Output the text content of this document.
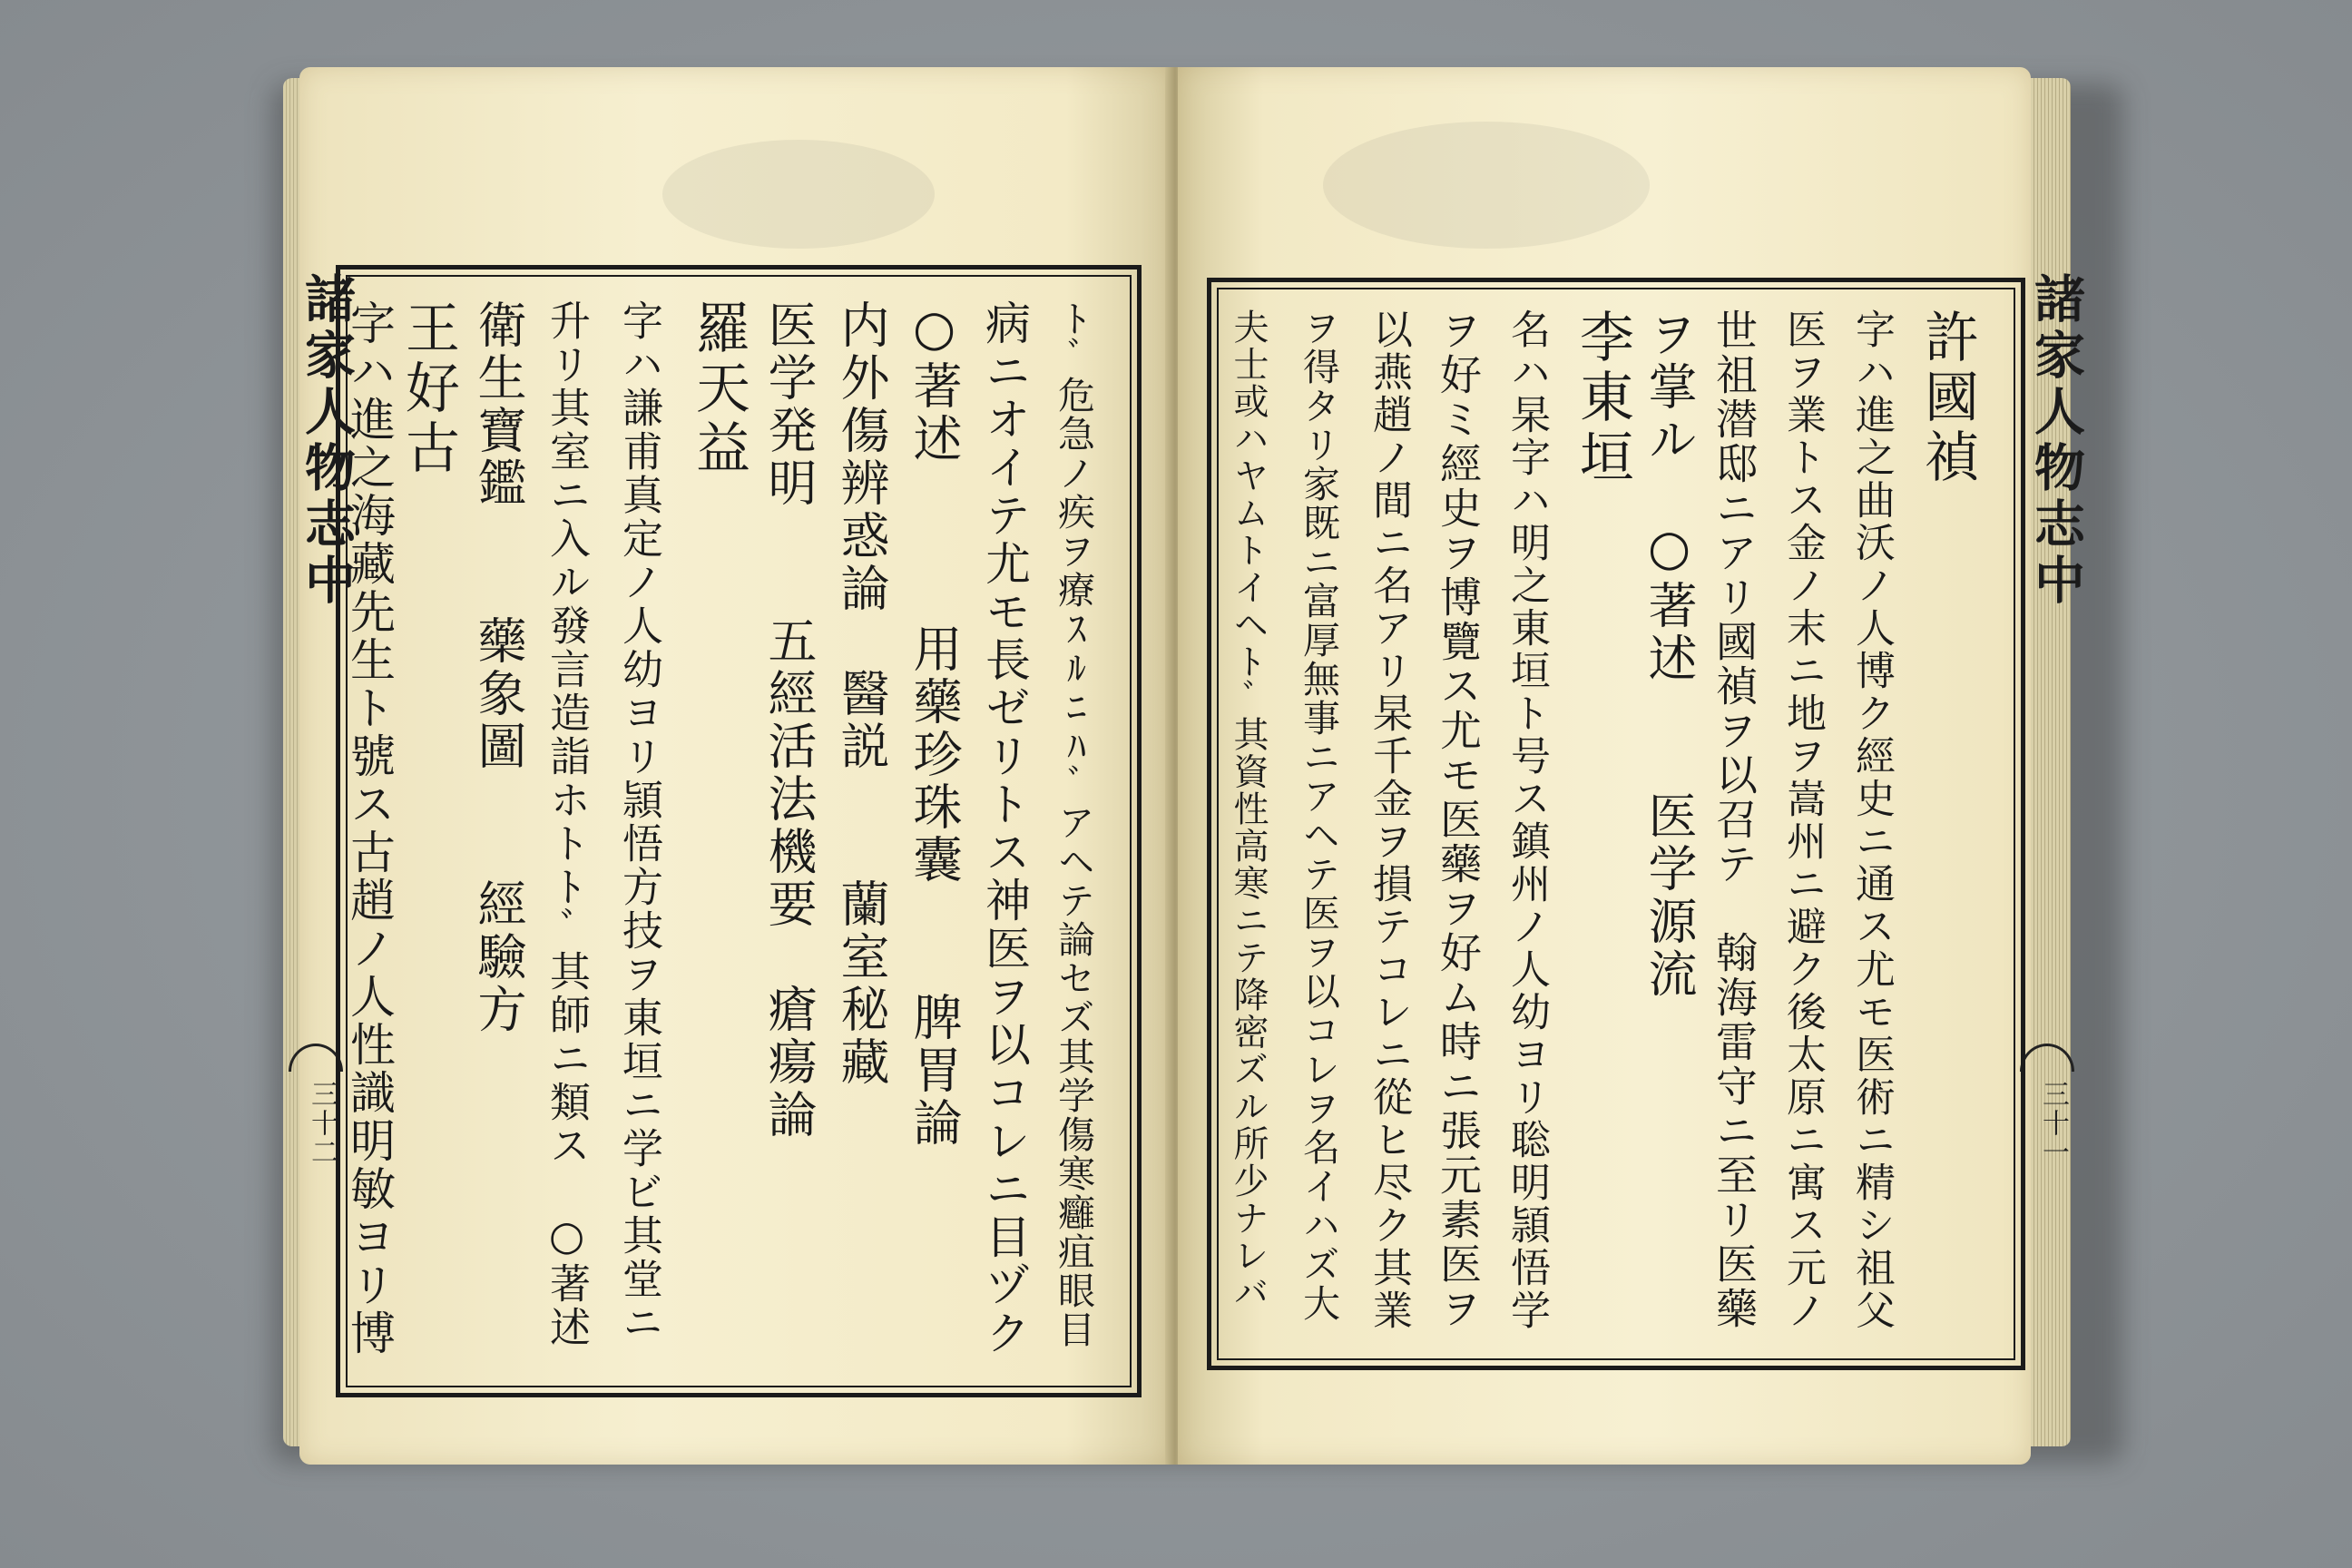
諸家人物志中
三十二
諸家人物志中
三十一
ﾄﾞ危急ノ疾ヲ療ｽﾙﾆﾊﾞアヘテ論セズ其学傷寒癰疽眼目
病ニオイテ尤モ長ゼリトス神医ヲ以コレニ目ヅク
○著述　　　用藥珍珠囊　　脾胃論
内外傷辨惑論　醫説　　蘭室秘藏
医学発明　　五經活法機要　瘡瘍論
羅天益
字ハ謙甫真定ノ人幼ヨリ頴悟方技ヲ東垣ニ学ビ其堂ニ
升リ其室ニ入ル發言造詣ホトﾄﾞ其師ニ類ス　○著述
衛生寶鑑　　藥象圖　　經驗方
王好古
字ハ進之海藏先生ト號ス古趙ノ人性識明敏ヨリ博	許國禎
字ハ進之曲沃ノ人博ク經史ニ通ス尤モ医術ニ精シ祖父
医ヲ業トス金ノ末ニ地ヲ嵩州ニ避ク後太原ニ寓ス元ノ
世祖潜邸ニアリ國禎ヲ以召テ　翰海雷守ニ至リ医藥
ヲ掌ル　○著述　　医学源流
李東垣
名ハ杲字ハ明之東垣ト号ス鎮州ノ人幼ヨリ聡明頴悟学
ヲ好ミ經史ヲ博覽ス尤モ医藥ヲ好ム時ニ張元素医ヲ
以燕趙ノ間ニ名アリ杲千金ヲ損テコレニ從ヒ尽ク其業
ヲ得タリ家既ニ富厚無事ニアヘテ医ヲ以コレヲ名イハズ大
夫士或ハヤムトイヘﾄﾞ其資性高寒ニテ降密ズル所少ナレバ
